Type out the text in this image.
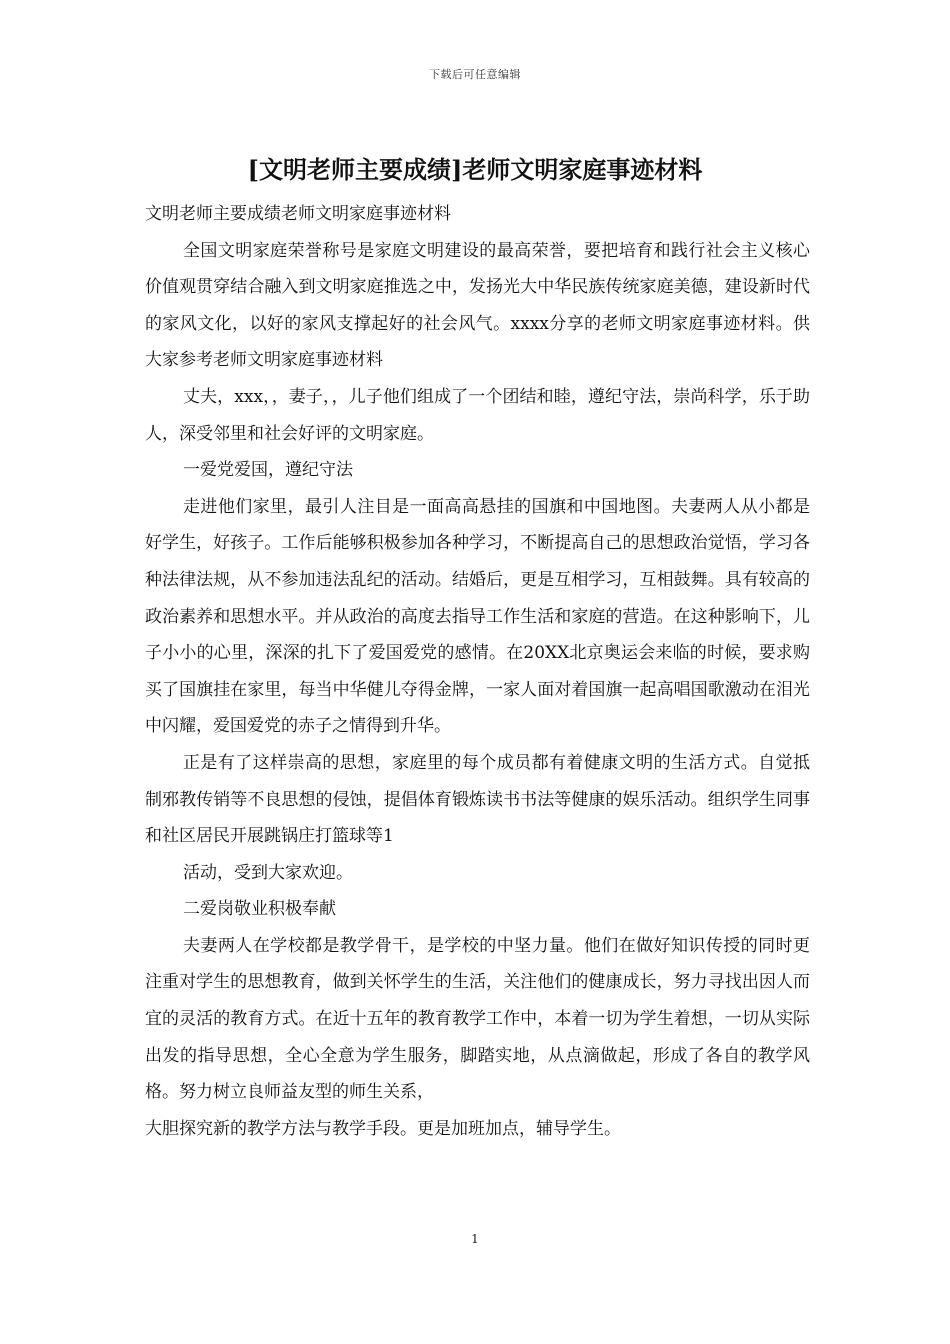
下载后可任意编辑
[文明老师主要成绩]老师文明家庭事迹材料

文明老师主要成绩老师文明家庭事迹材料

全国文明家庭荣誉称号是家庭文明建设的最高荣誉，要把培育和践行社会主义核心价值观贯穿结合融入到文明家庭推选之中，发扬光大中华民族传统家庭美德，建设新时代的家风文化，以好的家风支撑起好的社会风气。xxxx分享的老师文明家庭事迹材料。供大家参考老师文明家庭事迹材料

丈夫，xxx，，妻子，，儿子他们组成了一个团结和睦，遵纪守法，崇尚科学，乐于助人，深受邻里和社会好评的文明家庭。

一爱党爱国，遵纪守法

走进他们家里，最引人注目是一面高高悬挂的国旗和中国地图。夫妻两人从小都是好学生，好孩子。工作后能够积极参加各种学习，不断提高自己的思想政治觉悟，学习各种法律法规，从不参加违法乱纪的活动。结婚后，更是互相学习，互相鼓舞。具有较高的政治素养和思想水平。并从政治的高度去指导工作生活和家庭的营造。在这种影响下，儿子小小的心里，深深的扎下了爱国爱党的感情。在20XX北京奥运会来临的时候，要求购买了国旗挂在家里，每当中华健儿夺得金牌，一家人面对着国旗一起高唱国歌激动在泪光中闪耀，爱国爱党的赤子之情得到升华。

正是有了这样崇高的思想，家庭里的每个成员都有着健康文明的生活方式。自觉抵制邪教传销等不良思想的侵蚀，提倡体育锻炼读书书法等健康的娱乐活动。组织学生同事和社区居民开展跳锅庄打篮球等1

活动，受到大家欢迎。

二爱岗敬业积极奉献

夫妻两人在学校都是教学骨干，是学校的中坚力量。他们在做好知识传授的同时更注重对学生的思想教育，做到关怀学生的生活，关注他们的健康成长，努力寻找出因人而宜的灵活的教育方式。在近十五年的教育教学工作中，本着一切为学生着想，一切从实际出发的指导思想，全心全意为学生服务，脚踏实地，从点滴做起，形成了各自的教学风格。努力树立良师益友型的师生关系，

大胆探究新的教学方法与教学手段。更是加班加点，辅导学生。

1
